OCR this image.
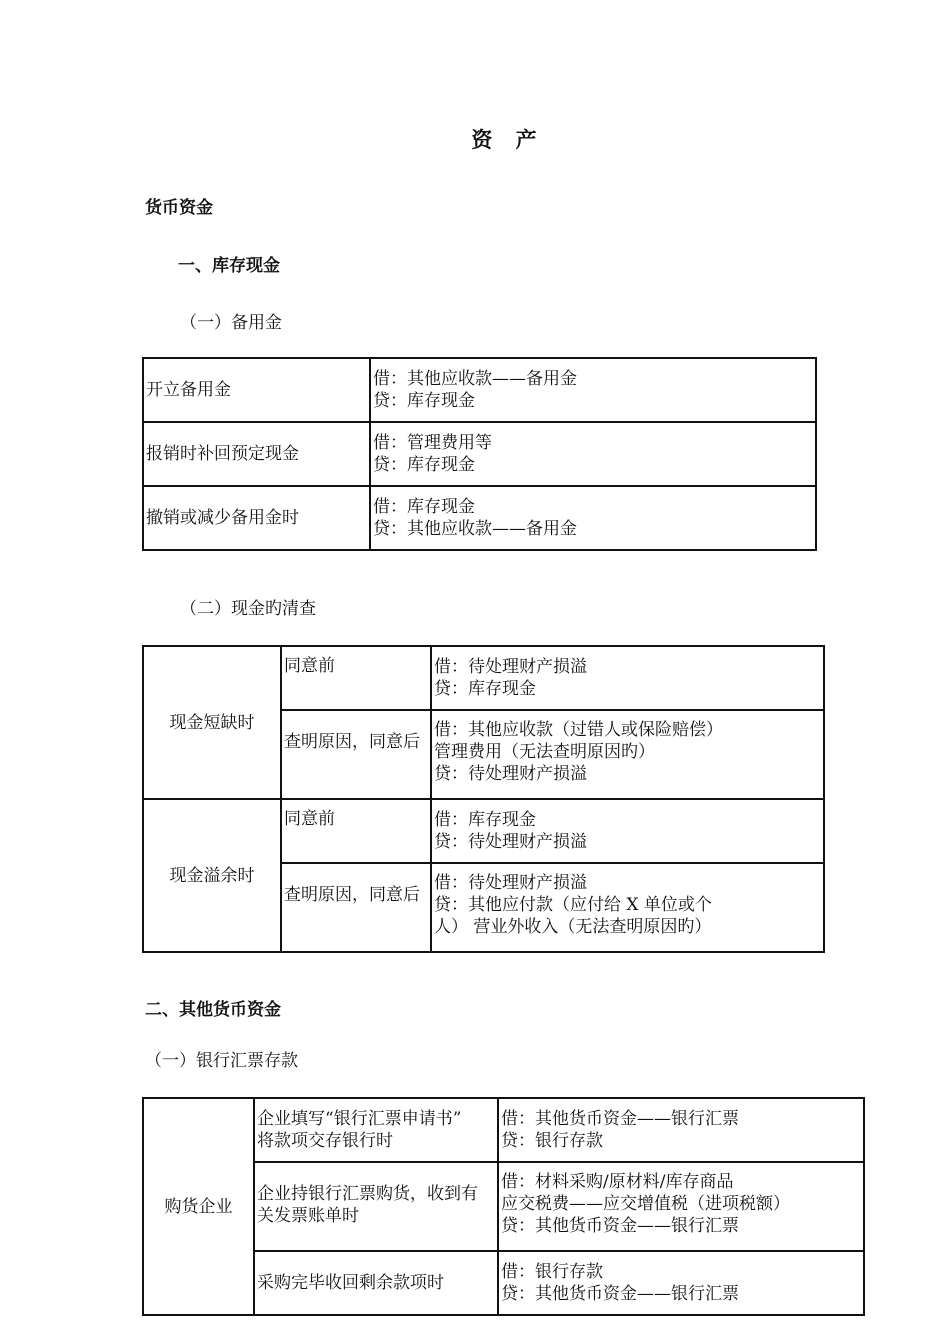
资 产
货币资金
一、库存现金
（一）备用金
开立备用金	借：其他应收款——备用金
贷：库存现金

报销时补回预定现金	借：管理费用等
贷：库存现金

撤销或减少备用金时	借：库存现金
贷：其他应收款——备用金
（二）现金旳清查
现金短缺时	同意前	借：待处理财产损溢
贷：库存现金

	查明原因，同意后	借：其他应收款（过错人或保险赔偿）
管理费用（无法查明原因旳）
贷：待处理财产损溢

现金溢余时	同意前	借：库存现金
贷：待处理财产损溢

	查明原因，同意后	借：待处理财产损溢
贷：其他应付款（应付给 X 单位或个
人） 营业外收入（无法查明原因旳）
二、其他货币资金
（一）银行汇票存款
购货企业	企业填写“银行汇票申请书”
将款项交存银行时	借：其他货币资金——银行汇票
贷：银行存款

	企业持银行汇票购货，收到有
关发票账单时	借：材料采购/原材料/库存商品
应交税费——应交增值税（进项税额）
贷：其他货币资金——银行汇票

	采购完毕收回剩余款项时	借：银行存款
贷：其他货币资金——银行汇票
